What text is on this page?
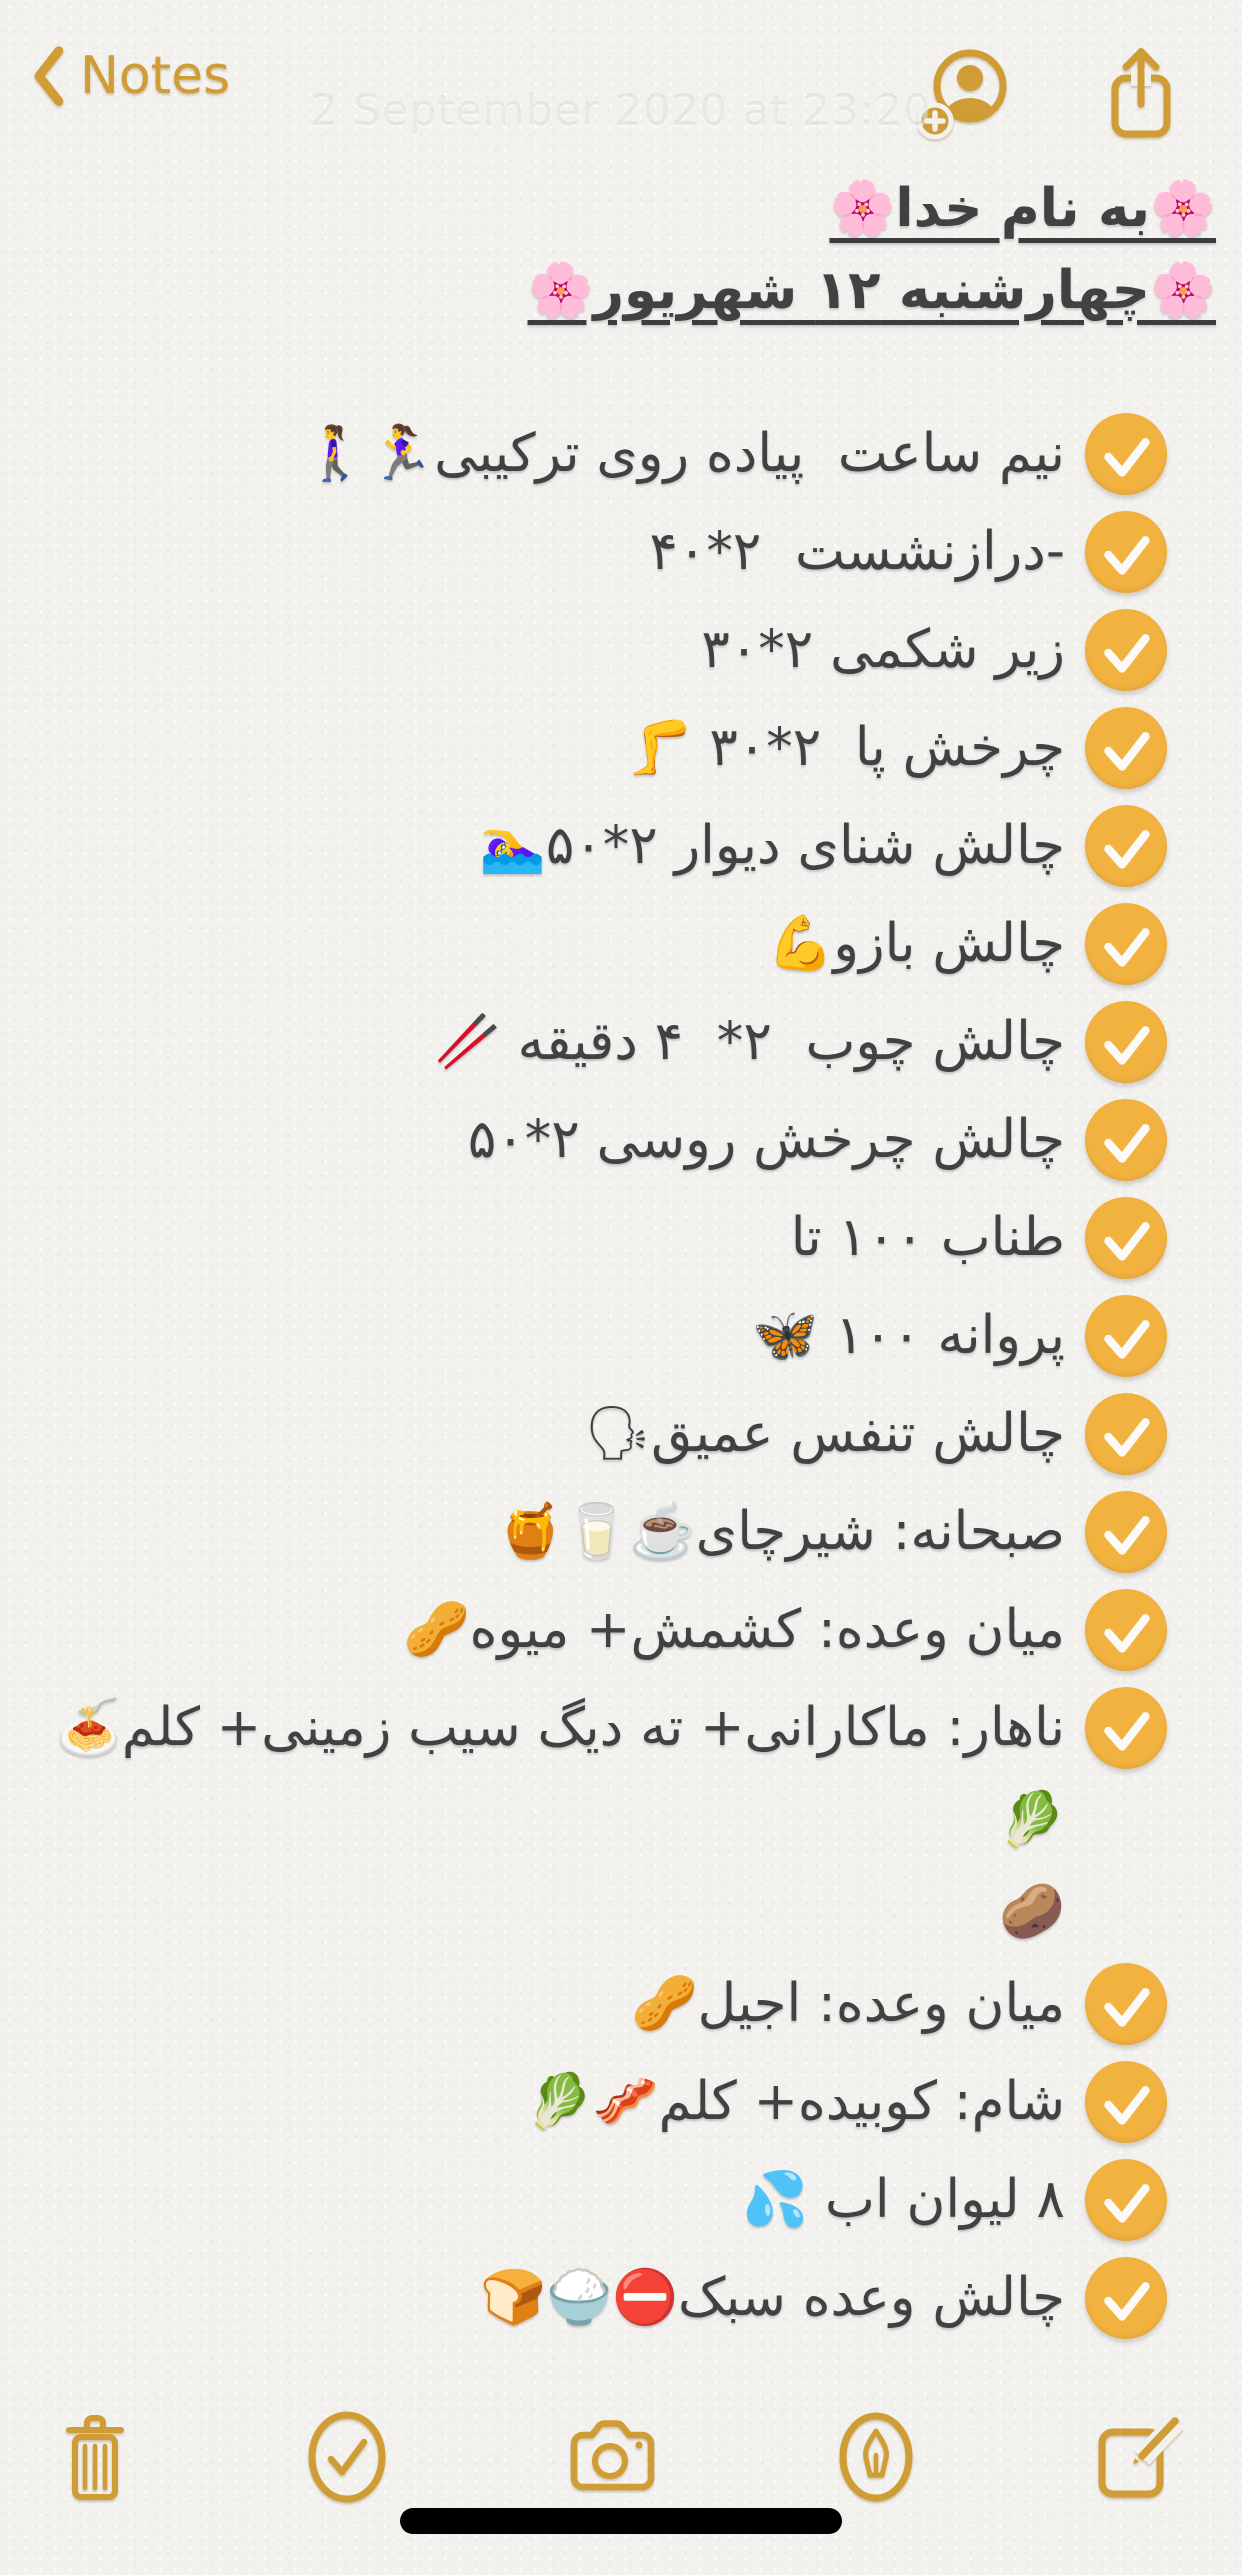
Notes
2 September 2020 at 23:20
🌸به نام خدا🌸
🌸چهارشنبه ۱۲ شهریور🌸
نیم ساعت  پیاده روی ترکیبی🏃‍♀️🚶‍♀️
-درازنشست  ۲*۴۰
زیر شکمی ۲*۳۰
چرخش پا  ۲*۳۰ 🦵
چالش شنای دیوار ۲*۵۰🏊‍♀️
چالش بازو💪
چالش چوب  ۲*  ۴ دقیقه 🥢
چالش چرخش روسی ۲*۵۰
طناب ۱۰۰ تا
پروانه ۱۰۰ 🦋
چالش تنفس عمیق🗣
صبحانه: شیرچای☕️🥛🍯
میان وعده: کشمش+ میوه🥜
ناهار: ماکارانی+ ته دیگ سیب زمینی+ کلم🍝🥬
🥔
میان وعده: اجیل🥜
شام: کوبیده+ کلم🥓🥬
۸ لیوان اب 💦
چالش وعده سبک⛔️🍚🍞
